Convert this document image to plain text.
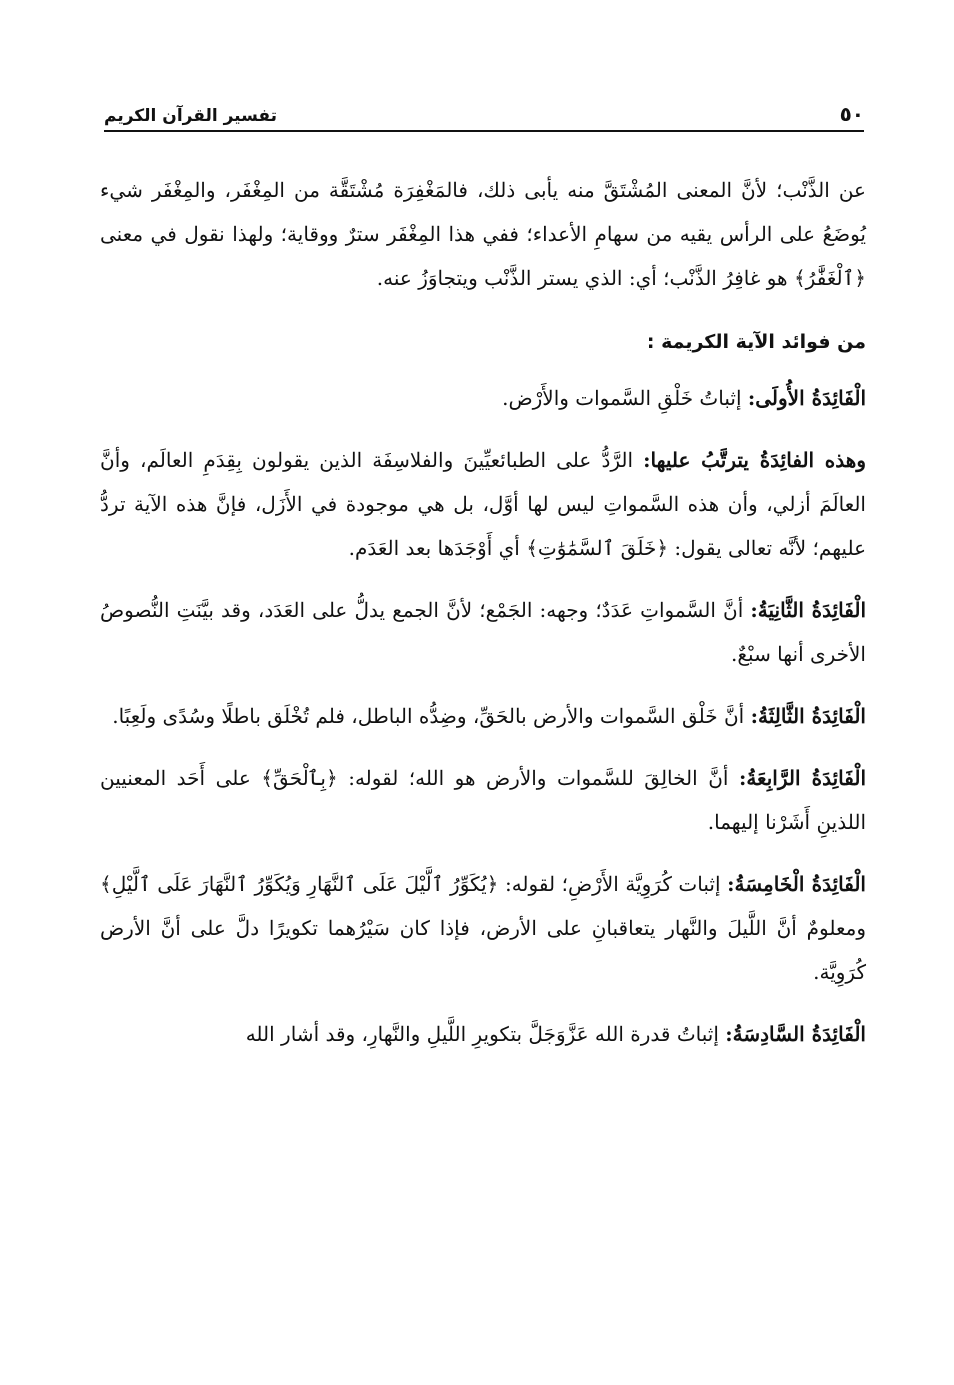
٥٠
تفسير القرآن الكريم

عن الذَّنْب؛ لأنَّ المعنى المُشْتَقَّ منه يأبى ذلك، فالمَغْفِرَة مُشْتَقَّة من المِغْفَر، والمِغْفَر شيء يُوضَعُ على الرأس يقيه من سهامِ الأعداء؛ ففي هذا المِغْفَر سترٌ ووقاية؛ ولهذا نقول في معنى ﴿ٱلْغَفَّٰرُ﴾ هو غافِرُ الذَّنْب؛ أي: الذي يستر الذَّنْب ويتجاوَزُ عنه.

من فوائد الآية الكريمة :

الْفَائِدَةُ الأُولَى: إثباتُ خَلْقِ السَّموات والأَرْض.

وهذه الفائِدَةُ يترتَّبُ عليها: الرَّدُّ على الطبائعيِّينَ والفلاسِفَة الذين يقولون بِقِدَمِ العالَم، وأنَّ العالَمَ أزلي، وأن هذه السَّمواتِ ليس لها أوَّل، بل هي موجودة في الأَزَل، فإنَّ هذه الآية تردُّ عليهم؛ لأنَّه تعالى يقول: ﴿خَلَقَ ٱلسَّمَٰوَٰتِ﴾ أي أَوْجَدَها بعد العَدَم.

الْفَائِدَةُ الثَّانِيَةُ: أنَّ السَّمواتِ عَدَدٌ؛ وجهه: الجَمْع؛ لأنَّ الجمع يدلُّ على العَدَد، وقد بيَّنَتِ النُّصوصُ الأخرى أنها سبْعٌ.

الْفَائِدَةُ الثَّالِثَةُ: أنَّ خَلْق السَّموات والأرض بالحَقِّ، وضِدُّه الباطل، فلم تُخْلَق باطلًا وسُدًى ولَعِبًا.

الْفَائِدَةُ الرَّابِعَةُ: أنَّ الخالِقَ للسَّموات والأرض هو الله؛ لقوله: ﴿بِٱلْحَقِّ﴾ على أَحَد المعنيين اللذينِ أَشَرْنا إليهما.

الْفَائِدَةُ الْخَامِسَةُ: إثبات كُرَوِيَّة الأَرْضِ؛ لقوله: ﴿يُكَوِّرُ ٱلَّيْلَ عَلَى ٱلنَّهَارِ وَيُكَوِّرُ ٱلنَّهَارَ عَلَى ٱلَّيْلِ﴾ ومعلومٌ أنَّ اللَّيلَ والنَّهار يتعاقبانِ على الأرض، فإذا كان سَيْرُهما تكويرًا دلَّ على أنَّ الأرض كُرَوِيَّة.

الْفَائِدَةُ السَّادِسَةُ: إثباتُ قدرة الله عَزَّوَجَلَّ بتكويرِ اللَّيلِ والنَّهارِ، وقد أشار الله
